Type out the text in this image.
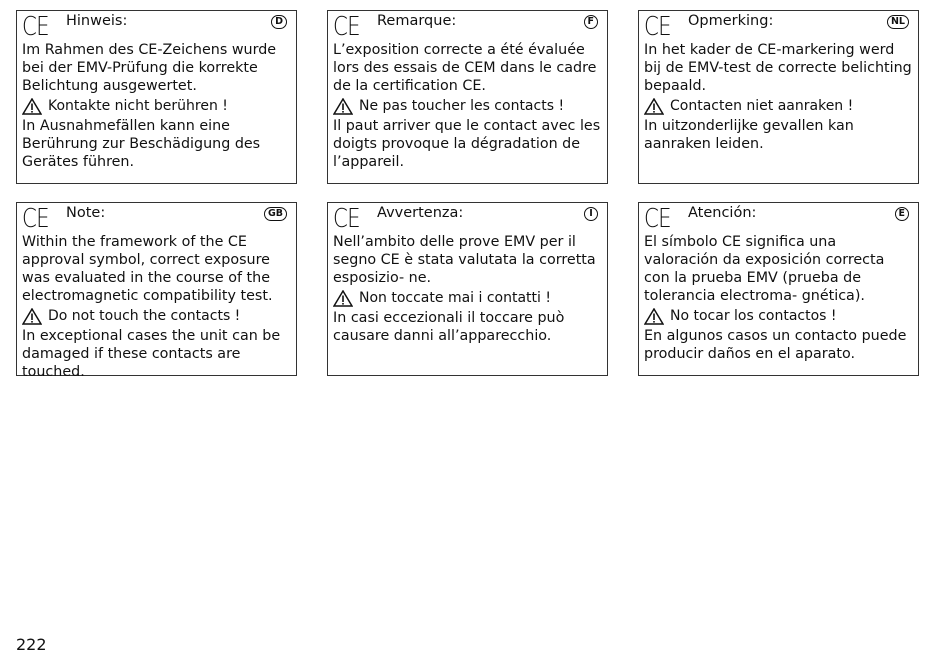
CE Hinweis:	D

Im Rahmen des CE-Zeichens wurde bei der EMV-Prüfung die korrekte Belichtung ausgewertet.

Kontakte nicht berühren !

In Ausnahmefällen kann eine Berührung zur Beschädigung des Gerätes führen.

CE Remarque:	F

L’exposition correcte a été évaluée lors des essais de CEM dans le cadre de la certification CE.

Ne pas toucher les contacts !

Il paut arriver que le contact avec les doigts provoque la dégradation de l’appareil.

CE Opmerking:	NL

In het kader de CE-markering werd bij de EMV-test de correcte belichting bepaald.

Contacten niet aanraken !

In uitzonderlijke gevallen kan aanraken leiden.

CE Note:	GB

Within the framework of the CE approval symbol, correct exposure was evaluated in the course of the electromagnetic compatibility test.

Do not touch the contacts !

In exceptional cases the unit can be damaged if these contacts are touched.

CE Avvertenza:	I

Nell’ambito delle prove EMV per il segno CE è stata valutata la corretta esposizio- ne.

Non toccate mai i contatti !

In casi eccezionali il toccare può causare danni all’apparecchio.

CE Atención:	E

El símbolo CE significa una valoración da exposición correcta con la prueba EMV (prueba de tolerancia electroma- gnética).

No tocar los contactos !

En algunos casos un contacto puede producir daños en el aparato.

222
